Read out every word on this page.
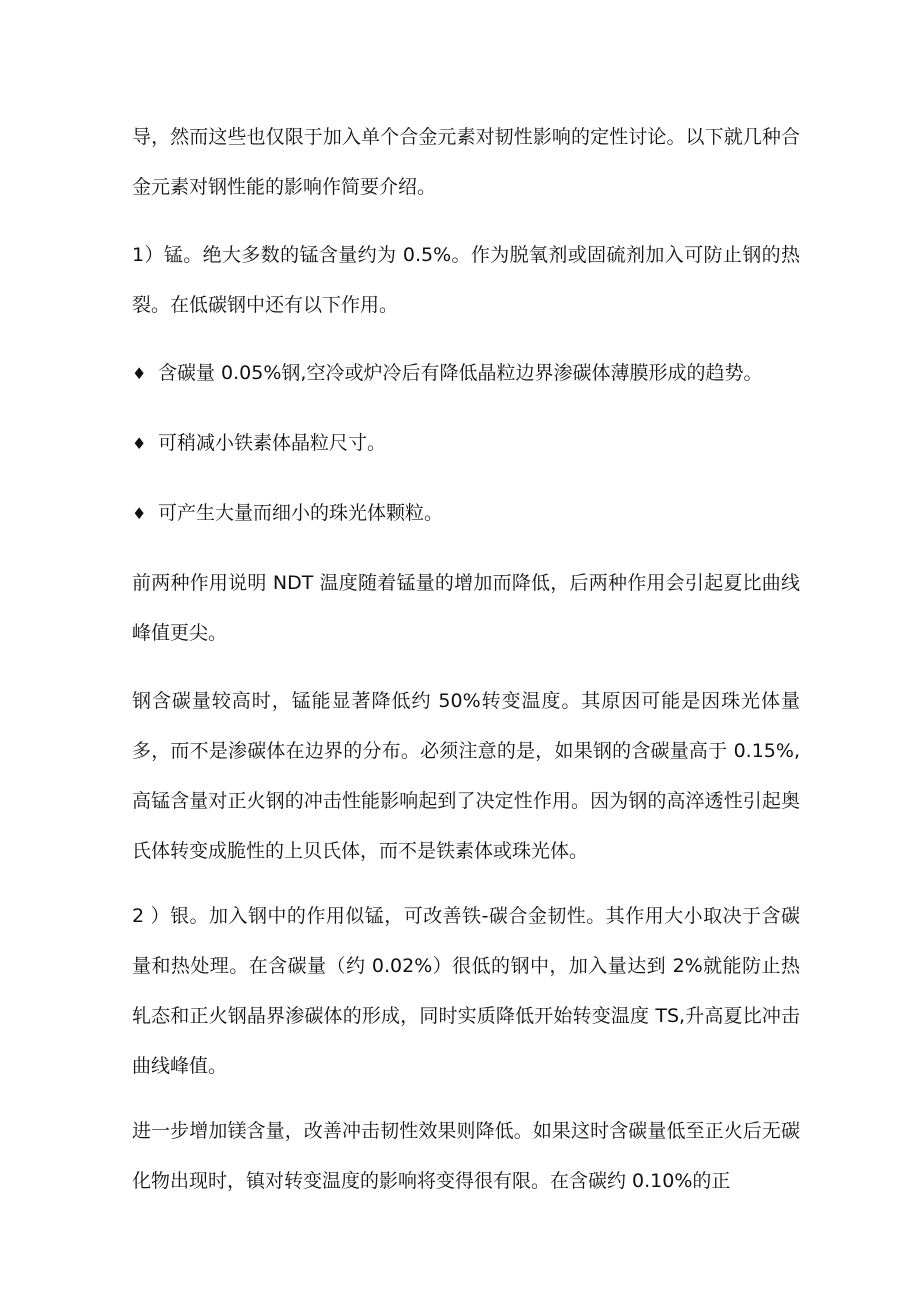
导，然而这些也仅限于加入单个合金元素对韧性影响的定性讨论。以下就几种合金元素对钢性能的影响作简要介绍。

1）锰。绝大多数的锰含量约为 0.5%。作为脱氧剂或固硫剂加入可防止钢的热裂。在低碳钢中还有以下作用。

♦ 含碳量 0.05%钢,空冷或炉冷后有降低晶粒边界渗碳体薄膜形成的趋势。
♦ 可稍减小铁素体晶粒尺寸。
♦ 可产生大量而细小的珠光体颗粒。

前两种作用说明 NDT 温度随着锰量的增加而降低，后两种作用会引起夏比曲线峰值更尖。

钢含碳量较高时，锰能显著降低约 50%转变温度。其原因可能是因珠光体量多，而不是渗碳体在边界的分布。必须注意的是，如果钢的含碳量高于 0.15%,高锰含量对正火钢的冲击性能影响起到了决定性作用。因为钢的高淬透性引起奥氏体转变成脆性的上贝氏体，而不是铁素体或珠光体。

2 ）银。加入钢中的作用似锰，可改善铁-碳合金韧性。其作用大小取决于含碳量和热处理。在含碳量（约 0.02%）很低的钢中，加入量达到 2%就能防止热轧态和正火钢晶界渗碳体的形成，同时实质降低开始转变温度 TS,升高夏比冲击曲线峰值。

进一步增加镁含量，改善冲击韧性效果则降低。如果这时含碳量低至正火后无碳化物出现时，镇对转变温度的影响将变得很有限。在含碳约 0.10%的正
